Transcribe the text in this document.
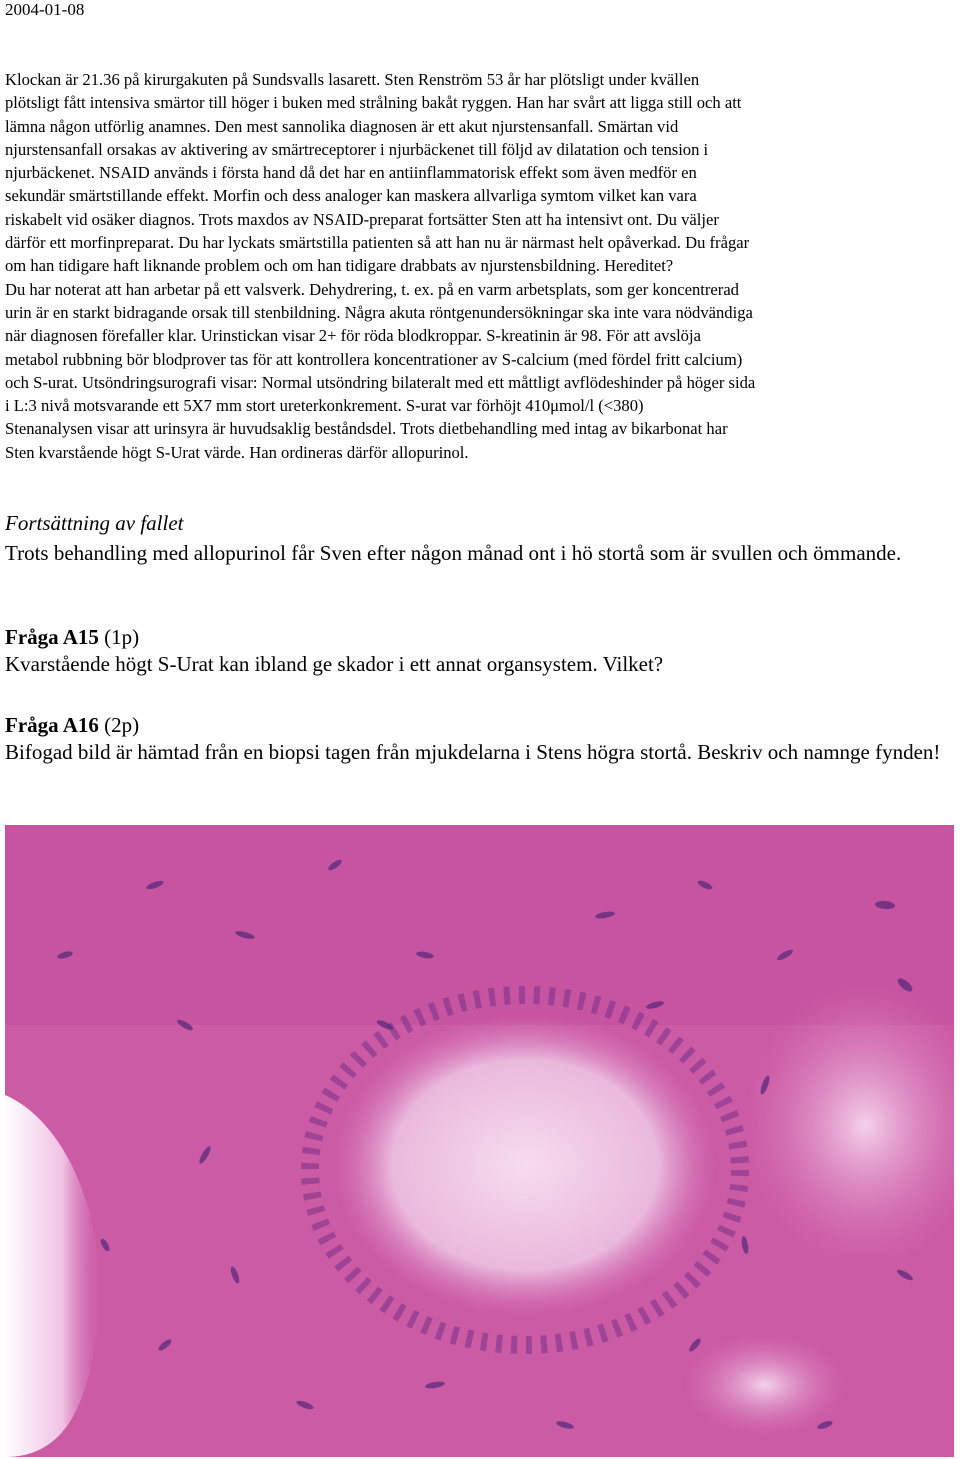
2004-01-08
Klockan är 21.36 på kirurgakuten på Sundsvalls lasarett. Sten Renström 53 år har plötsligt under kvällen
plötsligt fått intensiva smärtor till höger i buken med strålning bakåt ryggen. Han har svårt att ligga still och att
lämna någon utförlig anamnes. Den mest sannolika diagnosen är ett akut njurstensanfall. Smärtan vid
njurstensanfall orsakas av aktivering av smärtreceptorer i njurbäckenet till följd av dilatation och tension i
njurbäckenet. NSAID används i första hand då det har en antiinflammatorisk effekt som även medför en
sekundär smärtstillande effekt. Morfin och dess analoger kan maskera allvarliga symtom vilket kan vara
riskabelt vid osäker diagnos. Trots maxdos av NSAID-preparat fortsätter Sten att ha intensivt ont. Du väljer
därför ett morfinpreparat. Du har lyckats smärtstilla patienten så att han nu är närmast helt opåverkad. Du frågar
om han tidigare haft liknande problem och om han tidigare drabbats av njurstensbildning. Hereditet?
Du har noterat att han arbetar på ett valsverk. Dehydrering, t. ex. på en varm arbetsplats, som ger koncentrerad
urin är en starkt bidragande orsak till stenbildning. Några akuta röntgenundersökningar ska inte vara nödvändiga
när diagnosen förefaller klar. Urinstickan visar 2+ för röda blodkroppar. S-kreatinin är 98. För att avslöja
metabol rubbning bör blodprover tas för att kontrollera koncentrationer av S-calcium (med fördel fritt calcium)
och S-urat. Utsöndringsurografi visar: Normal utsöndring bilateralt med ett måttligt avflödeshinder på höger sida
i L:3 nivå motsvarande ett 5X7 mm stort ureterkonkrement. S-urat var förhöjt 410μmol/l (<380)
Stenanalysen visar att urinsyra är huvudsaklig beståndsdel. Trots dietbehandling med intag av bikarbonat har
Sten kvarstående högt S-Urat värde. Han ordineras därför allopurinol.
Fortsättning av fallet
Trots behandling med allopurinol får Sven efter någon månad ont i hö stortå som är svullen och ömmande.
Fråga A15 (1p)
Kvarstående högt S-Urat kan ibland ge skador i ett annat organsystem. Vilket?
Fråga A16 (2p)
Bifogad bild är hämtad från en biopsi tagen från mjukdelarna i Stens högra stortå. Beskriv och namnge fynden!
